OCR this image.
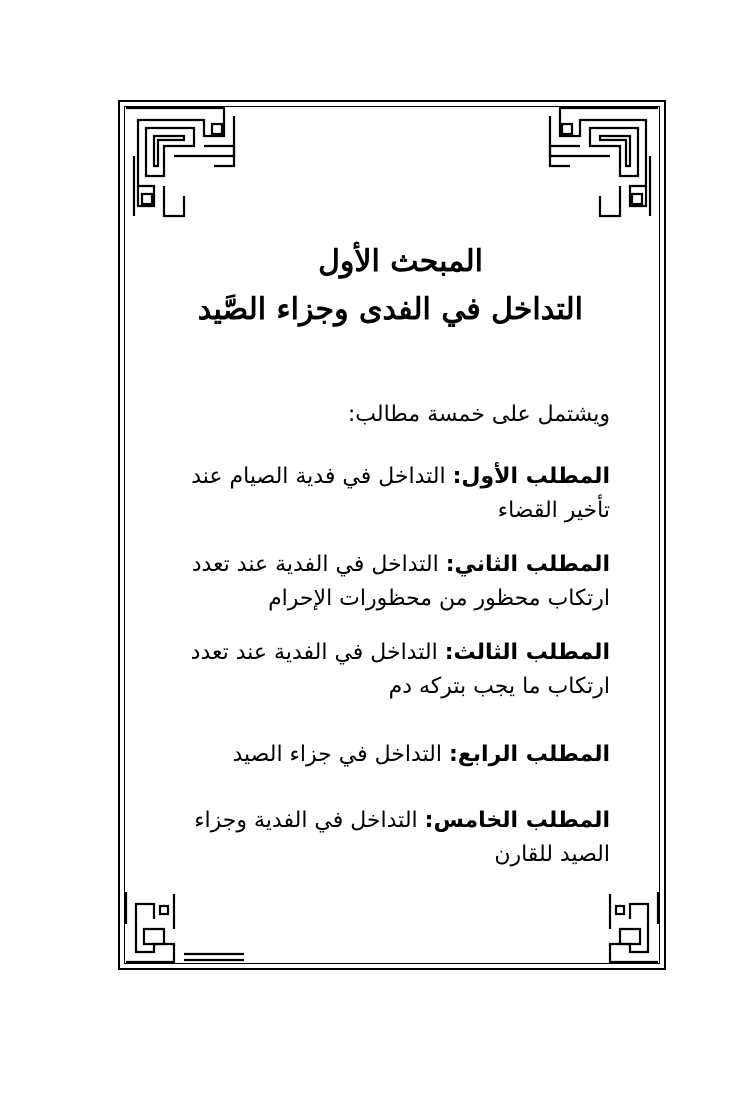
المبحث الأول
التداخل في الفدى وجزاء الصَّيد
ويشتمل على خمسة مطالب:
المطلب الأول: التداخل في فدية الصيام عند تأخير القضاء
المطلب الثاني: التداخل في الفدية عند تعدد ارتكاب محظور من محظورات الإحرام
المطلب الثالث: التداخل في الفدية عند تعدد ارتكاب ما يجب بتركه دم
المطلب الرابع: التداخل في جزاء الصيد
المطلب الخامس: التداخل في الفدية وجزاء الصيد للقارن
